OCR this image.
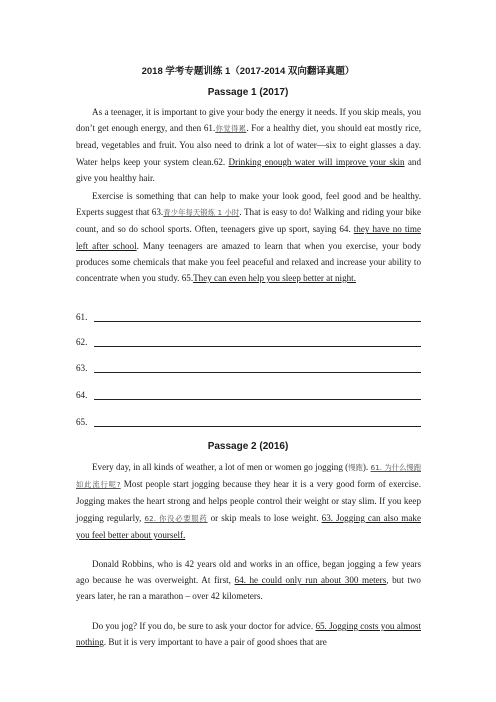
2018 学考专题训练 1（2017-2014 双向翻译真题）
Passage 1 (2017)

As a teenager, it is important to give your body the energy it needs. If you skip meals, you don’t get enough energy, and then 61.你觉得累. For a healthy diet, you should eat mostly rice, bread, vegetables and fruit. You also need to drink a lot of water—six to eight glasses a day. Water helps keep your system clean.62. Drinking enough water will improve your skin and give you healthy hair.

Exercise is something that can help to make your look good, feel good and be healthy. Experts suggest that 63.青少年每天锻炼 1 小时. That is easy to do! Walking and riding your bike count, and so do school sports. Often, teenagers give up sport, saying 64. they have no time left after school. Many teenagers are amazed to learn that when you exercise, your body produces some chemicals that make you feel peaceful and relaxed and increase your ability to concentrate when you study. 65.They can even help you sleep better at night.

61.
62.
63.
64.
65.
Passage 2 (2016)

Every day, in all kinds of weather, a lot of men or women go jogging (慢跑). 61. 为什么慢跑如此流行呢? Most people start jogging because they hear it is a very good form of exercise. Jogging makes the heart strong and helps people control their weight or stay slim. If you keep jogging regularly, 62. 你没必要服药 or skip meals to lose weight. 63. Jogging can also make you feel better about yourself.

Donald Robbins, who is 42 years old and works in an office, began jogging a few years ago because he was overweight. At first, 64. he could only run about 300 meters, but two years later, he ran a marathon – over 42 kilometers.

Do you jog? If you do, be sure to ask your doctor for advice. 65. Jogging costs you almost nothing. But it is very important to have a pair of good shoes that are
